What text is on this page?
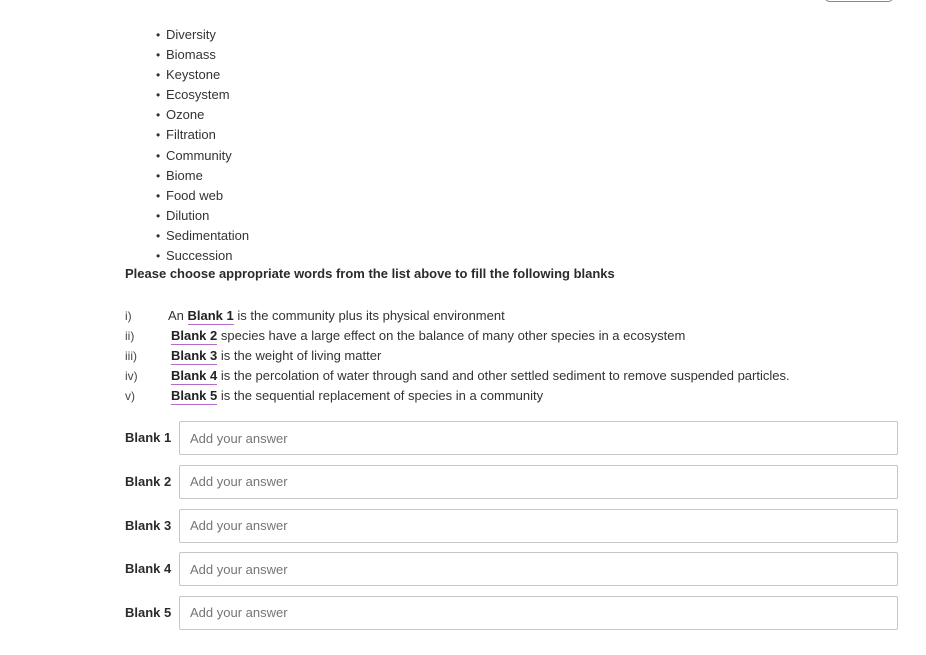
• Diversity
• Biomass
• Keystone
• Ecosystem
• Ozone
• Filtration
• Community
• Biome
• Food web
• Dilution
• Sedimentation
• Succession
Please choose appropriate words from the list above to fill the following blanks
i)	An Blank 1 is the community plus its physical environment
ii)	Blank 2 species have a large effect on the balance of many other species in a ecosystem
iii)	Blank 3 is the weight of living matter
iv)	Blank 4 is the percolation of water through sand and other settled sediment to remove suspended particles.
v)	Blank 5 is the sequential replacement of species in a community
Blank 1
Add your answer
Blank 2
Add your answer
Blank 3
Add your answer
Blank 4
Add your answer
Blank 5
Add your answer
